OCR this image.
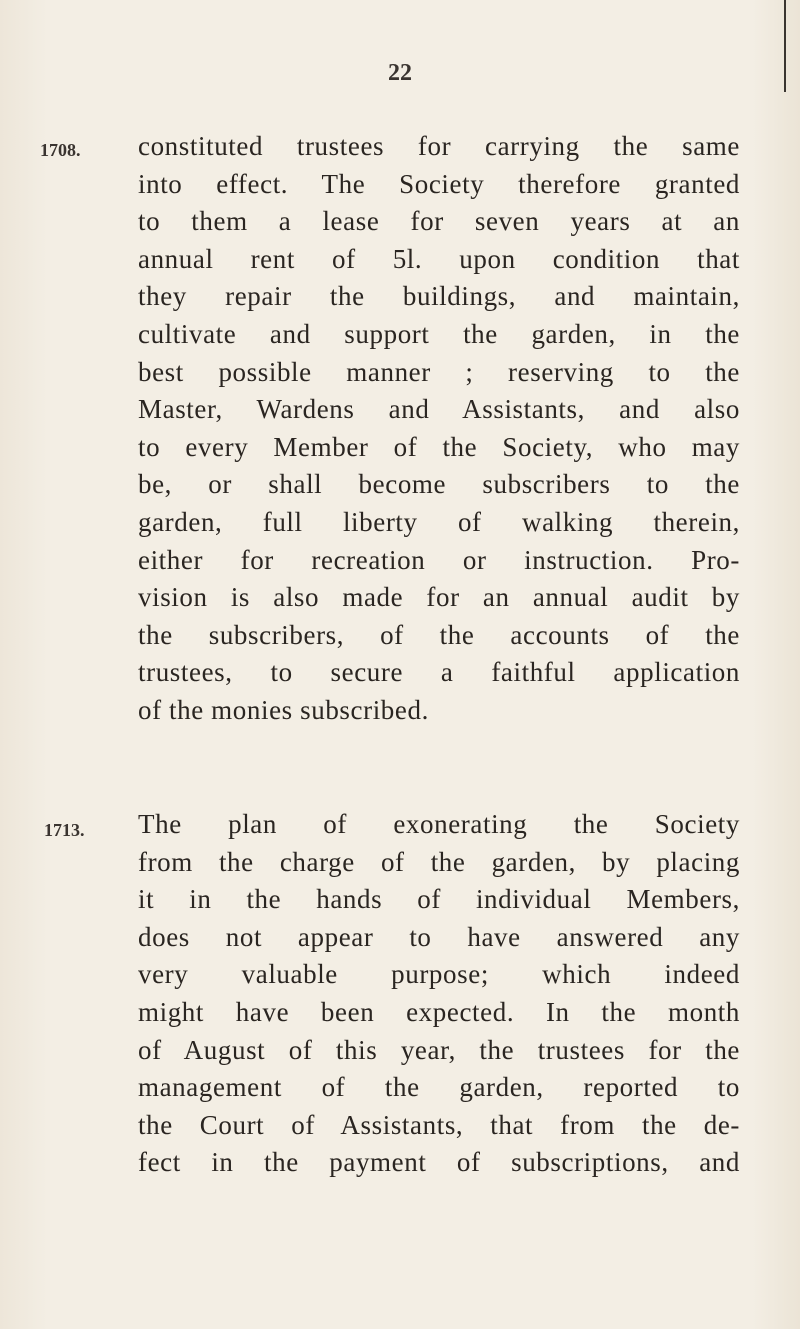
22
1708. constituted trustees for carrying the same
into effect. The Society therefore granted
to them a lease for seven years at an
annual rent of 5l. upon condition that
they repair the buildings, and maintain,
cultivate and support the garden, in the
best possible manner ; reserving to the
Master, Wardens and Assistants, and also
to every Member of the Society, who may
be, or shall become subscribers to the
garden, full liberty of walking therein,
either for recreation or instruction. Pro-
vision is also made for an annual audit by
the subscribers, of the accounts of the
trustees, to secure a faithful application
of the monies subscribed.

1713. The plan of exonerating the Society
from the charge of the garden, by placing
it in the hands of individual Members,
does not appear to have answered any
very valuable purpose; which indeed
might have been expected. In the month
of August of this year, the trustees for the
management of the garden, reported to
the Court of Assistants, that from the de-
fect in the payment of subscriptions, and
